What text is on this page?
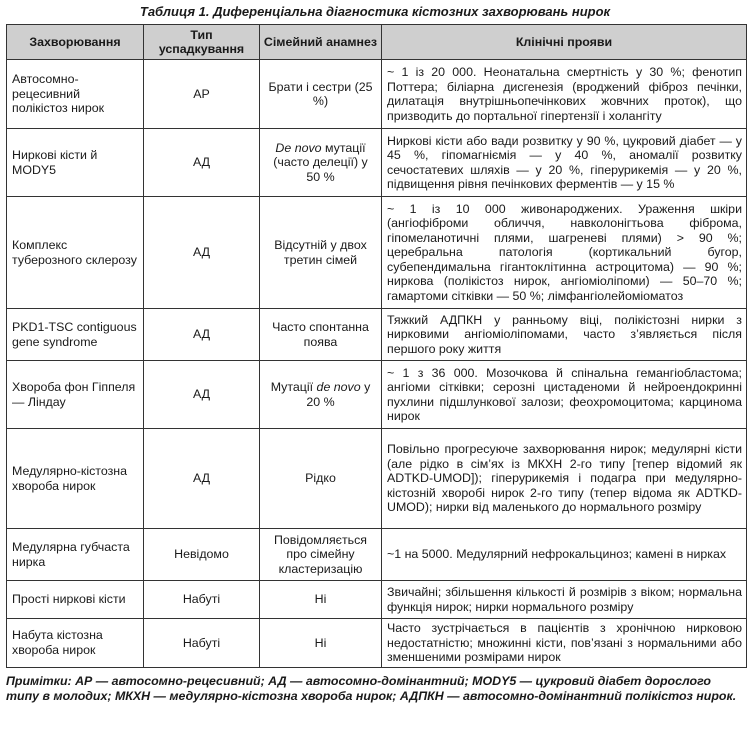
Таблиця 1. Диференціальна діагностика кістозних захворювань нирок
Захворювання	Тип успадкування	Сімейний анамнез	Клінічні прояви
Автосомно-рецесивний полікістоз нирок	АР	Брати і сестри (25 %)	~ 1 із 20 000. Неонатальна смертність у 30 %; фенотип Поттера; біліарна дисгенезія (вроджений фіброз печінки, дилатація внутрішньопечінкових жовчних проток), що призводить до портальної гіпертензії і холангіту
Ниркові кісти й MODY5	АД	De novo мутації (часто делеції) у 50 %	Ниркові кісти або вади розвитку у 90 %, цукровий діабет — у 45 %, гіпомагніємія — у 40 %, аномалії розвитку сечостатевих шляхів — у 20 %, гіперурикемія — у 20 %, підвищення рівня печінкових ферментів — у 15 %
Комплекс туберозного склерозу	АД	Відсутній у двох третин сімей	~ 1 із 10 000 живонароджених. Ураження шкіри (ангіофіброми обличчя, навколонігтьова фіброма, гіпомеланотичні плями, шагреневі плями) > 90 %; церебральна патологія (кортикальний бугор, субепендимальна гігантоклітинна астроцитома) — 90 %; ниркова (полікістоз нирок, ангіоміоліпоми) — 50–70 %; гамартоми сітківки — 50 %; лімфангіолейоміоматоз
PKD1-TSC contiguous gene syndrome	АД	Часто спонтанна поява	Тяжкий АДПКН у ранньому віці, полікістозні нирки з нирковими ангіоміоліпомами, часто з’являється після першого року життя
Хвороба фон Гіппеля — Ліндау	АД	Мутації de novo у 20 %	~ 1 з 36 000. Мозочкова й спінальна гемангіобластома; ангіоми сітківки; серозні цистаденоми й нейроендокринні пухлини підшлункової залози; феохромоцитома; карцинома нирок
Медулярно-кістозна хвороба нирок	АД	Рідко	Повільно прогресуюче захворювання нирок; медулярні кісти (але рідко в сім’ях із МКХН 2-го типу [тепер відомий як ADTKD-UMOD]); гіперурикемія і подагра при медулярно-кістозній хворобі нирок 2-го типу (тепер відома як ADTKD-UMOD); нирки від маленького до нормального розміру
Медулярна губчаста нирка	Невідомо	Повідомляється про сімейну кластеризацію	~1 на 5000. Медулярний нефрокальциноз; камені в нирках
Прості ниркові кісти	Набуті	Ні	Звичайні; збільшення кількості й розмірів з віком; нормальна функція нирок; нирки нормального розміру
Набута кістозна хвороба нирок	Набуті	Ні	Часто зустрічається в пацієнтів з хронічною нирковою недостатністю; множинні кісти, пов’язані з нормальними або зменшеними розмірами нирок
Примітки: АР — автосомно-рецесивний; АД — автосомно-домінантний; MODY5 — цукровий діабет дорослого типу в молодих; МКХН — медулярно-кістозна хвороба нирок; АДПКН — автосомно-домінантний полікістоз нирок.
